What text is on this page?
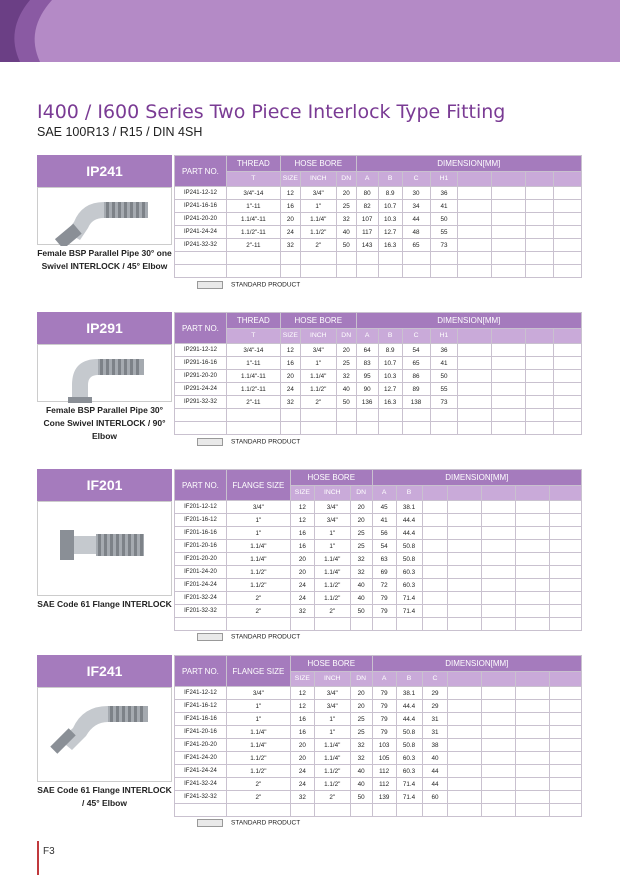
I400 / I600 Series Two Piece Interlock Type Fitting
SAE 100R13 / R15 / DIN 4SH
IP241
Female BSP Parallel Pipe 30° one Swivel INTERLOCK / 45° Elbow
PART NO.	THREAD	HOSE BORE			DIMENSION[MM]							
	T	SIZE	INCH	DN	A	B	C	H1				
IP241-12-12	3/4"-14	12	3/4"	20	80	8.9	30	36				
IP241-16-16	1"-11	16	1"	25	82	10.7	34	41				
IP241-20-20	1.1/4"-11	20	1.1/4"	32	107	10.3	44	50				
IP241-24-24	1.1/2"-11	24	1.1/2"	40	117	12.7	48	55				
IP241-32-32	2"-11	32	2"	50	143	16.3	65	73				

STANDARD PRODUCT
IP291
Female BSP Parallel Pipe 30° Cone Swivel INTERLOCK / 90° Elbow
PART NO.	THREAD	HOSE BORE			DIMENSION[MM]							
	T	SIZE	INCH	DN	A	B	C	H1				
IP291-12-12	3/4"-14	12	3/4"	20	64	8.9	54	36				
IP291-16-16	1"-11	16	1"	25	83	10.7	65	41				
IP291-20-20	1.1/4"-11	20	1.1/4"	32	95	10.3	86	50				
IP291-24-24	1.1/2"-11	24	1.1/2"	40	90	12.7	89	55				
IP291-32-32	2"-11	32	2"	50	136	16.3	138	73				

STANDARD PRODUCT
IF201
SAE Code 61 Flange INTERLOCK
PART NO.	FLANGE SIZE	HOSE BORE			DIMENSION[MM]						
		SIZE	INCH	DN	A	B					
IF201-12-12	3/4"	12	3/4"	20	45	38.1					
IF201-16-12	1"	12	3/4"	20	41	44.4					
IF201-16-16	1"	16	1"	25	56	44.4					
IF201-20-16	1.1/4"	16	1"	25	54	50.8					
IF201-20-20	1.1/4"	20	1.1/4"	32	63	50.8					
IF201-24-20	1.1/2"	20	1.1/4"	32	69	60.3					
IF201-24-24	1.1/2"	24	1.1/2"	40	72	60.3					
IF201-32-24	2"	24	1.1/2"	40	79	71.4					
IF201-32-32	2"	32	2"	50	79	71.4					

STANDARD PRODUCT
IF241
SAE Code 61 Flange INTERLOCK / 45° Elbow
PART NO.	FLANGE SIZE	HOSE BORE			DIMENSION[MM]						
		SIZE	INCH	DN	A	B	C				
IF241-12-12	3/4"	12	3/4"	20	79	38.1	29				
IF241-16-12	1"	12	3/4"	20	79	44.4	29				
IF241-16-16	1"	16	1"	25	79	44.4	31				
IF241-20-16	1.1/4"	16	1"	25	79	50.8	31				
IF241-20-20	1.1/4"	20	1.1/4"	32	103	50.8	38				
IF241-24-20	1.1/2"	20	1.1/4"	32	105	60.3	40				
IF241-24-24	1.1/2"	24	1.1/2"	40	112	60.3	44				
IF241-32-24	2"	24	1.1/2"	40	112	71.4	44				
IF241-32-32	2"	32	2"	50	139	71.4	60				

STANDARD PRODUCT
F3
